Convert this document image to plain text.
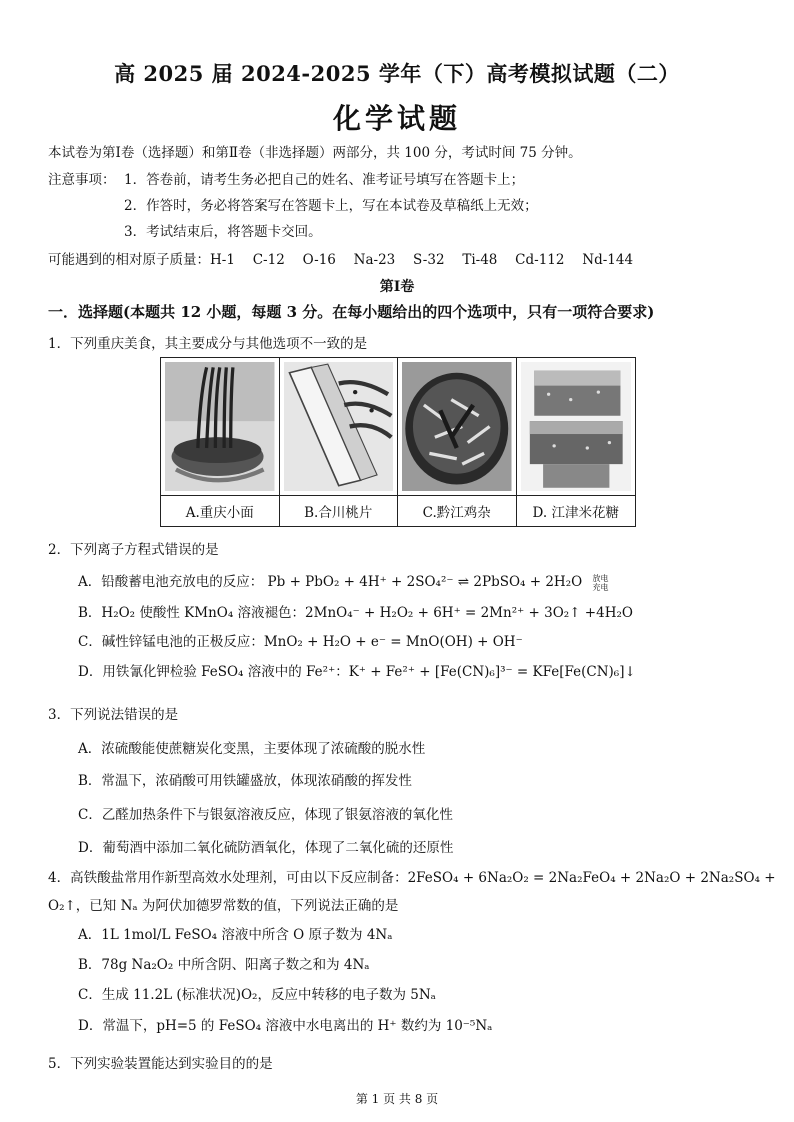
高 2025 届 2024-2025 学年（下）高考模拟试题（二）
化学试题
本试卷为第Ⅰ卷（选择题）和第Ⅱ卷（非选择题）两部分，共 100 分，考试时间 75 分钟。
注意事项： 1．答卷前，请考生务必把自己的姓名、准考证号填写在答题卡上；
2．作答时，务必将答案写在答题卡上，写在本试卷及草稿纸上无效；
3．考试结束后，将答题卡交回。
可能遇到的相对原子质量：H-1　 C-12　 O-16　 Na-23　 S-32　 Ti-48　 Cd-112　 Nd-144
第Ⅰ卷
一．选择题(本题共 12 小题，每题 3 分。在每小题给出的四个选项中，只有一项符合要求)
1．下列重庆美食，其主要成分与其他选项不一致的是
A.重庆小面	B.合川桃片	C.黔江鸡杂	D. 江津米花糖
2．下列离子方程式错误的是
A．铅酸蓄电池充放电的反应： Pb + PbO₂ + 4H⁺ + 2SO₄²⁻ ⇌ 2PbSO₄ + 2H₂O 放电
充电
B．H₂O₂ 使酸性 KMnO₄ 溶液褪色：2MnO₄⁻ + H₂O₂ + 6H⁺ = 2Mn²⁺ + 3O₂↑ +4H₂O
C．碱性锌锰电池的正极反应：MnO₂ + H₂O + e⁻ = MnO(OH) + OH⁻
D．用铁氰化钾检验 FeSO₄ 溶液中的 Fe²⁺：K⁺ + Fe²⁺ + [Fe(CN)₆]³⁻ = KFe[Fe(CN)₆]↓
3．下列说法错误的是
A．浓硫酸能使蔗糖炭化变黑，主要体现了浓硫酸的脱水性
B．常温下，浓硝酸可用铁罐盛放，体现浓硝酸的挥发性
C．乙醛加热条件下与银氨溶液反应，体现了银氨溶液的氧化性
D．葡萄酒中添加二氧化硫防酒氧化，体现了二氧化硫的还原性
4．高铁酸盐常用作新型高效水处理剂，可由以下反应制备：2FeSO₄ + 6Na₂O₂ = 2Na₂FeO₄ + 2Na₂O + 2Na₂SO₄ +
O₂↑，已知 Nₐ 为阿伏加德罗常数的值，下列说法正确的是
A．1L 1mol/L FeSO₄ 溶液中所含 O 原子数为 4Nₐ
B．78g Na₂O₂ 中所含阴、阳离子数之和为 4Nₐ
C．生成 11.2L (标准状况)O₂，反应中转移的电子数为 5Nₐ
D．常温下，pH=5 的 FeSO₄ 溶液中水电离出的 H⁺ 数约为 10⁻⁵Nₐ
5．下列实验装置能达到实验目的的是
第 1 页 共 8 页
